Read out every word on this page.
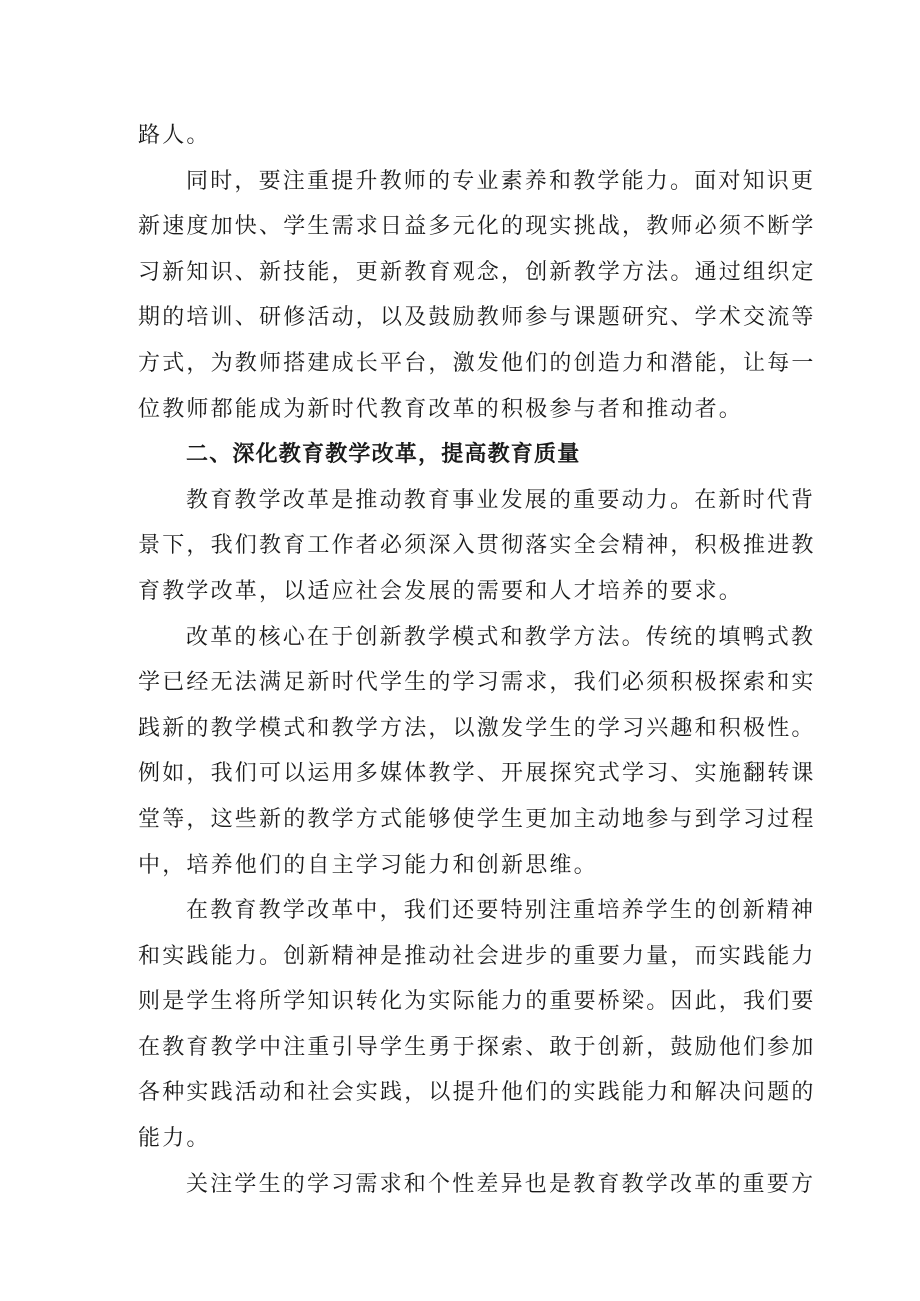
路人。
同时，要注重提升教师的专业素养和教学能力。面对知识更
新速度加快、学生需求日益多元化的现实挑战，教师必须不断学
习新知识、新技能，更新教育观念，创新教学方法。通过组织定
期的培训、研修活动，以及鼓励教师参与课题研究、学术交流等
方式，为教师搭建成长平台，激发他们的创造力和潜能，让每一
位教师都能成为新时代教育改革的积极参与者和推动者。
二、深化教育教学改革，提高教育质量
教育教学改革是推动教育事业发展的重要动力。在新时代背
景下，我们教育工作者必须深入贯彻落实全会精神，积极推进教
育教学改革，以适应社会发展的需要和人才培养的要求。
改革的核心在于创新教学模式和教学方法。传统的填鸭式教
学已经无法满足新时代学生的学习需求，我们必须积极探索和实
践新的教学模式和教学方法，以激发学生的学习兴趣和积极性。
例如，我们可以运用多媒体教学、开展探究式学习、实施翻转课
堂等，这些新的教学方式能够使学生更加主动地参与到学习过程
中，培养他们的自主学习能力和创新思维。
在教育教学改革中，我们还要特别注重培养学生的创新精神
和实践能力。创新精神是推动社会进步的重要力量，而实践能力
则是学生将所学知识转化为实际能力的重要桥梁。因此，我们要
在教育教学中注重引导学生勇于探索、敢于创新，鼓励他们参加
各种实践活动和社会实践，以提升他们的实践能力和解决问题的
能力。
关注学生的学习需求和个性差异也是教育教学改革的重要方
